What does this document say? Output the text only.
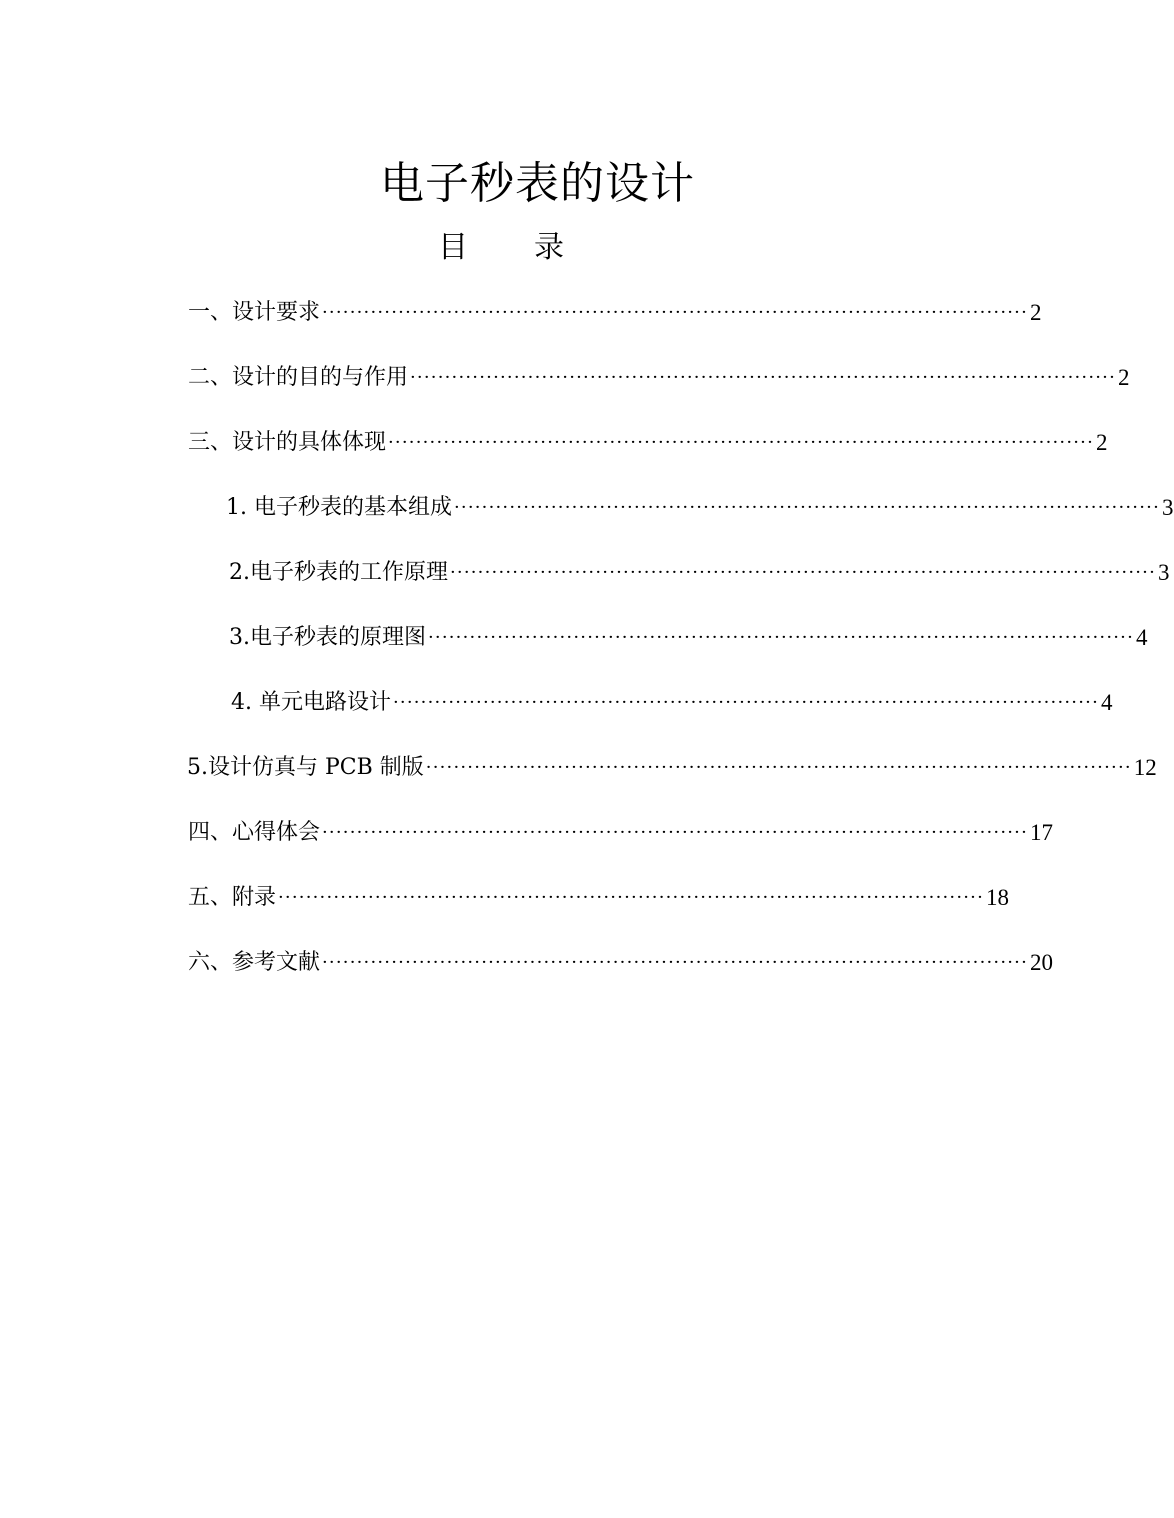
电子秒表的设计
目 录
一、设计要求 ······································································································ 2
二、设计的目的与作用 ······································································································ 2
三、设计的具体体现 ······································································································ 2
1. 电子秒表的基本组成 ······································································································ 3
2.电子秒表的工作原理 ······································································································ 3
3.电子秒表的原理图 ······································································································ 4
4. 单元电路设计 ······································································································ 4
5.设计仿真与 PCB 制版 ······································································································ 12
四、心得体会 ······································································································ 17
五、附录 ······································································································ 18
六、参考文献 ······································································································ 20
